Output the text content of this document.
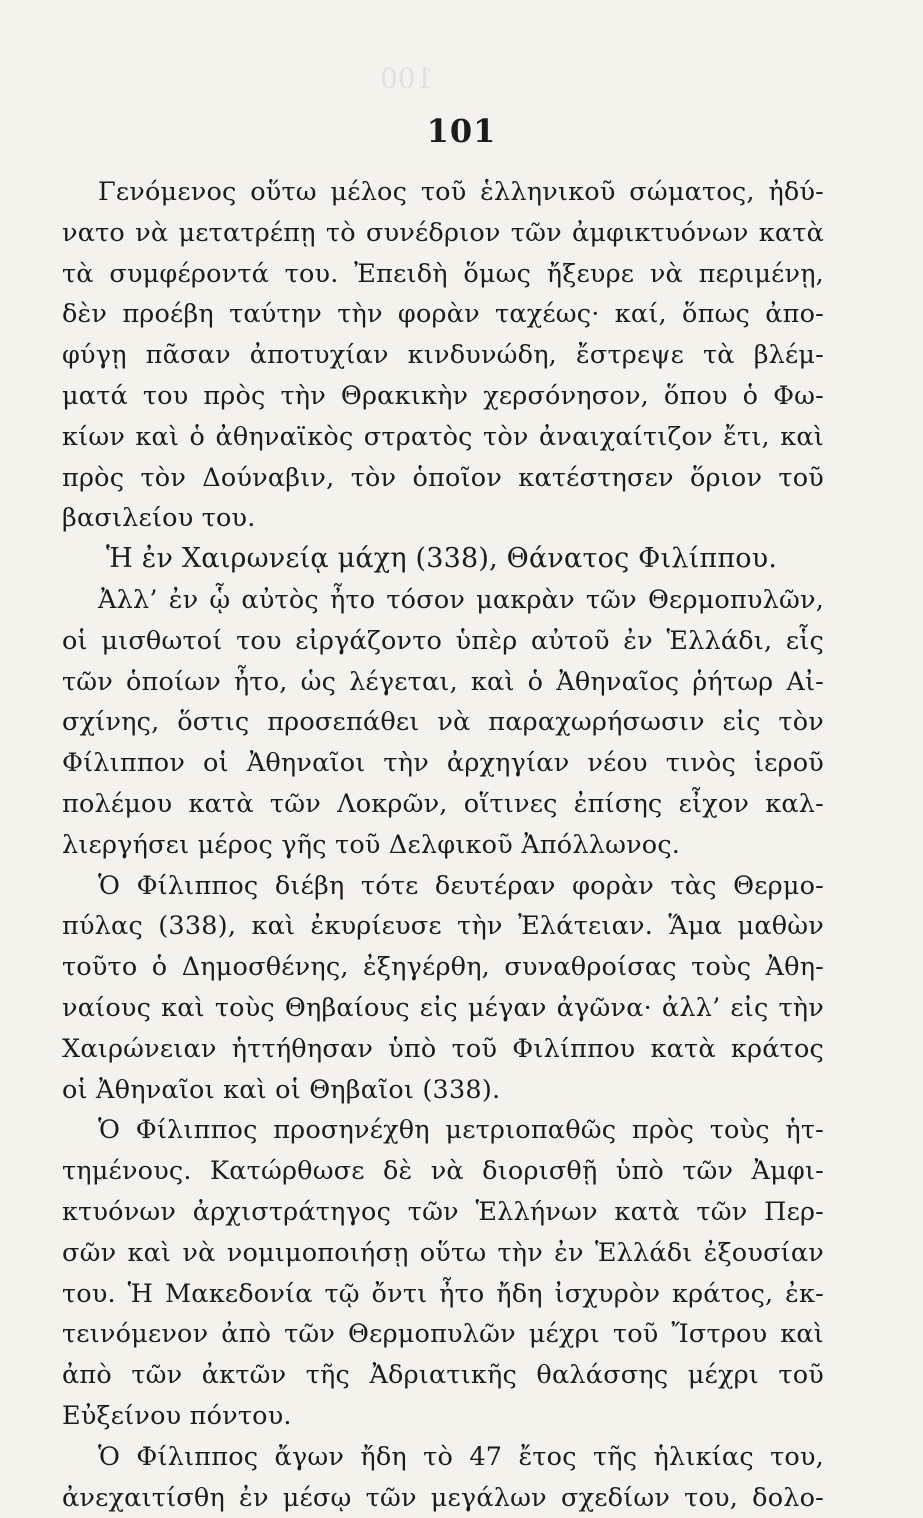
100
101
Γενόμενος οὕτω μέλος τοῦ ἑλληνικοῦ σώματος, ἠδύ-
νατο νὰ μετατρέπῃ τὸ συνέδριον τῶν ἀμφικτυόνων κατὰ
τὰ συμφέροντά του. Ἐπειδὴ ὅμως ἤξευρε νὰ περιμένῃ,
δὲν προέβη ταύτην τὴν φορὰν ταχέως· καί, ὅπως ἀπο-
φύγῃ πᾶσαν ἀποτυχίαν κινδυνώδη, ἔστρεψε τὰ βλέμ-
ματά του πρὸς τὴν Θρακικὴν χερσόνησον, ὅπου ὁ Φω-
κίων καὶ ὁ ἀθηναϊκὸς στρατὸς τὸν ἀναιχαίτιζον ἔτι, καὶ
πρὸς τὸν Δούναβιν, τὸν ὁποῖον κατέστησεν ὅριον τοῦ
βασιλείου του.
Ἡ ἐν Χαιρωνείᾳ μάχη (338), Θάνατος Φιλίππου.
Ἀλλ’ ἐν ᾧ αὐτὸς ἦτο τόσον μακρὰν τῶν Θερμοπυλῶν,
οἱ μισθωτοί του εἰργάζοντο ὑπὲρ αὐτοῦ ἐν Ἑλλάδι, εἷς
τῶν ὁποίων ἦτο, ὡς λέγεται, καὶ ὁ Ἀθηναῖος ῥήτωρ Αἰ-
σχίνης, ὅστις προσεπάθει νὰ παραχωρήσωσιν εἰς τὸν
Φίλιππον οἱ Ἀθηναῖοι τὴν ἀρχηγίαν νέου τινὸς ἱεροῦ
πολέμου κατὰ τῶν Λοκρῶν, οἵτινες ἐπίσης εἶχον καλ-
λιεργήσει μέρος γῆς τοῦ Δελφικοῦ Ἀπόλλωνος.
Ὁ Φίλιππος διέβη τότε δευτέραν φορὰν τὰς Θερμο-
πύλας (338), καὶ ἐκυρίευσε τὴν Ἐλάτειαν. Ἅμα μαθὼν
τοῦτο ὁ Δημοσθένης, ἐξηγέρθη, συναθροίσας τοὺς Ἀθη-
ναίους καὶ τοὺς Θηβαίους εἰς μέγαν ἀγῶνα· ἀλλ’ εἰς τὴν
Χαιρώνειαν ἡττήθησαν ὑπὸ τοῦ Φιλίππου κατὰ κράτος
οἱ Ἀθηναῖοι καὶ οἱ Θηβαῖοι (338).
Ὁ Φίλιππος προσηνέχθη μετριοπαθῶς πρὸς τοὺς ἡτ-
τημένους. Κατώρθωσε δὲ νὰ διορισθῇ ὑπὸ τῶν Ἀμφι-
κτυόνων ἀρχιστράτηγος τῶν Ἑλλήνων κατὰ τῶν Περ-
σῶν καὶ νὰ νομιμοποιήσῃ οὕτω τὴν ἐν Ἑλλάδι ἐξουσίαν
του. Ἡ Μακεδονία τῷ ὄντι ἦτο ἤδη ἰσχυρὸν κράτος, ἐκ-
τεινόμενον ἀπὸ τῶν Θερμοπυλῶν μέχρι τοῦ Ἴστρου καὶ
ἀπὸ τῶν ἀκτῶν τῆς Ἀδριατικῆς θαλάσσης μέχρι τοῦ
Εὐξείνου πόντου.
Ὁ Φίλιππος ἄγων ἤδη τὸ 47 ἔτος τῆς ἡλικίας του,
ἀνεχαιτίσθη ἐν μέσῳ τῶν μεγάλων σχεδίων του, δολο-
